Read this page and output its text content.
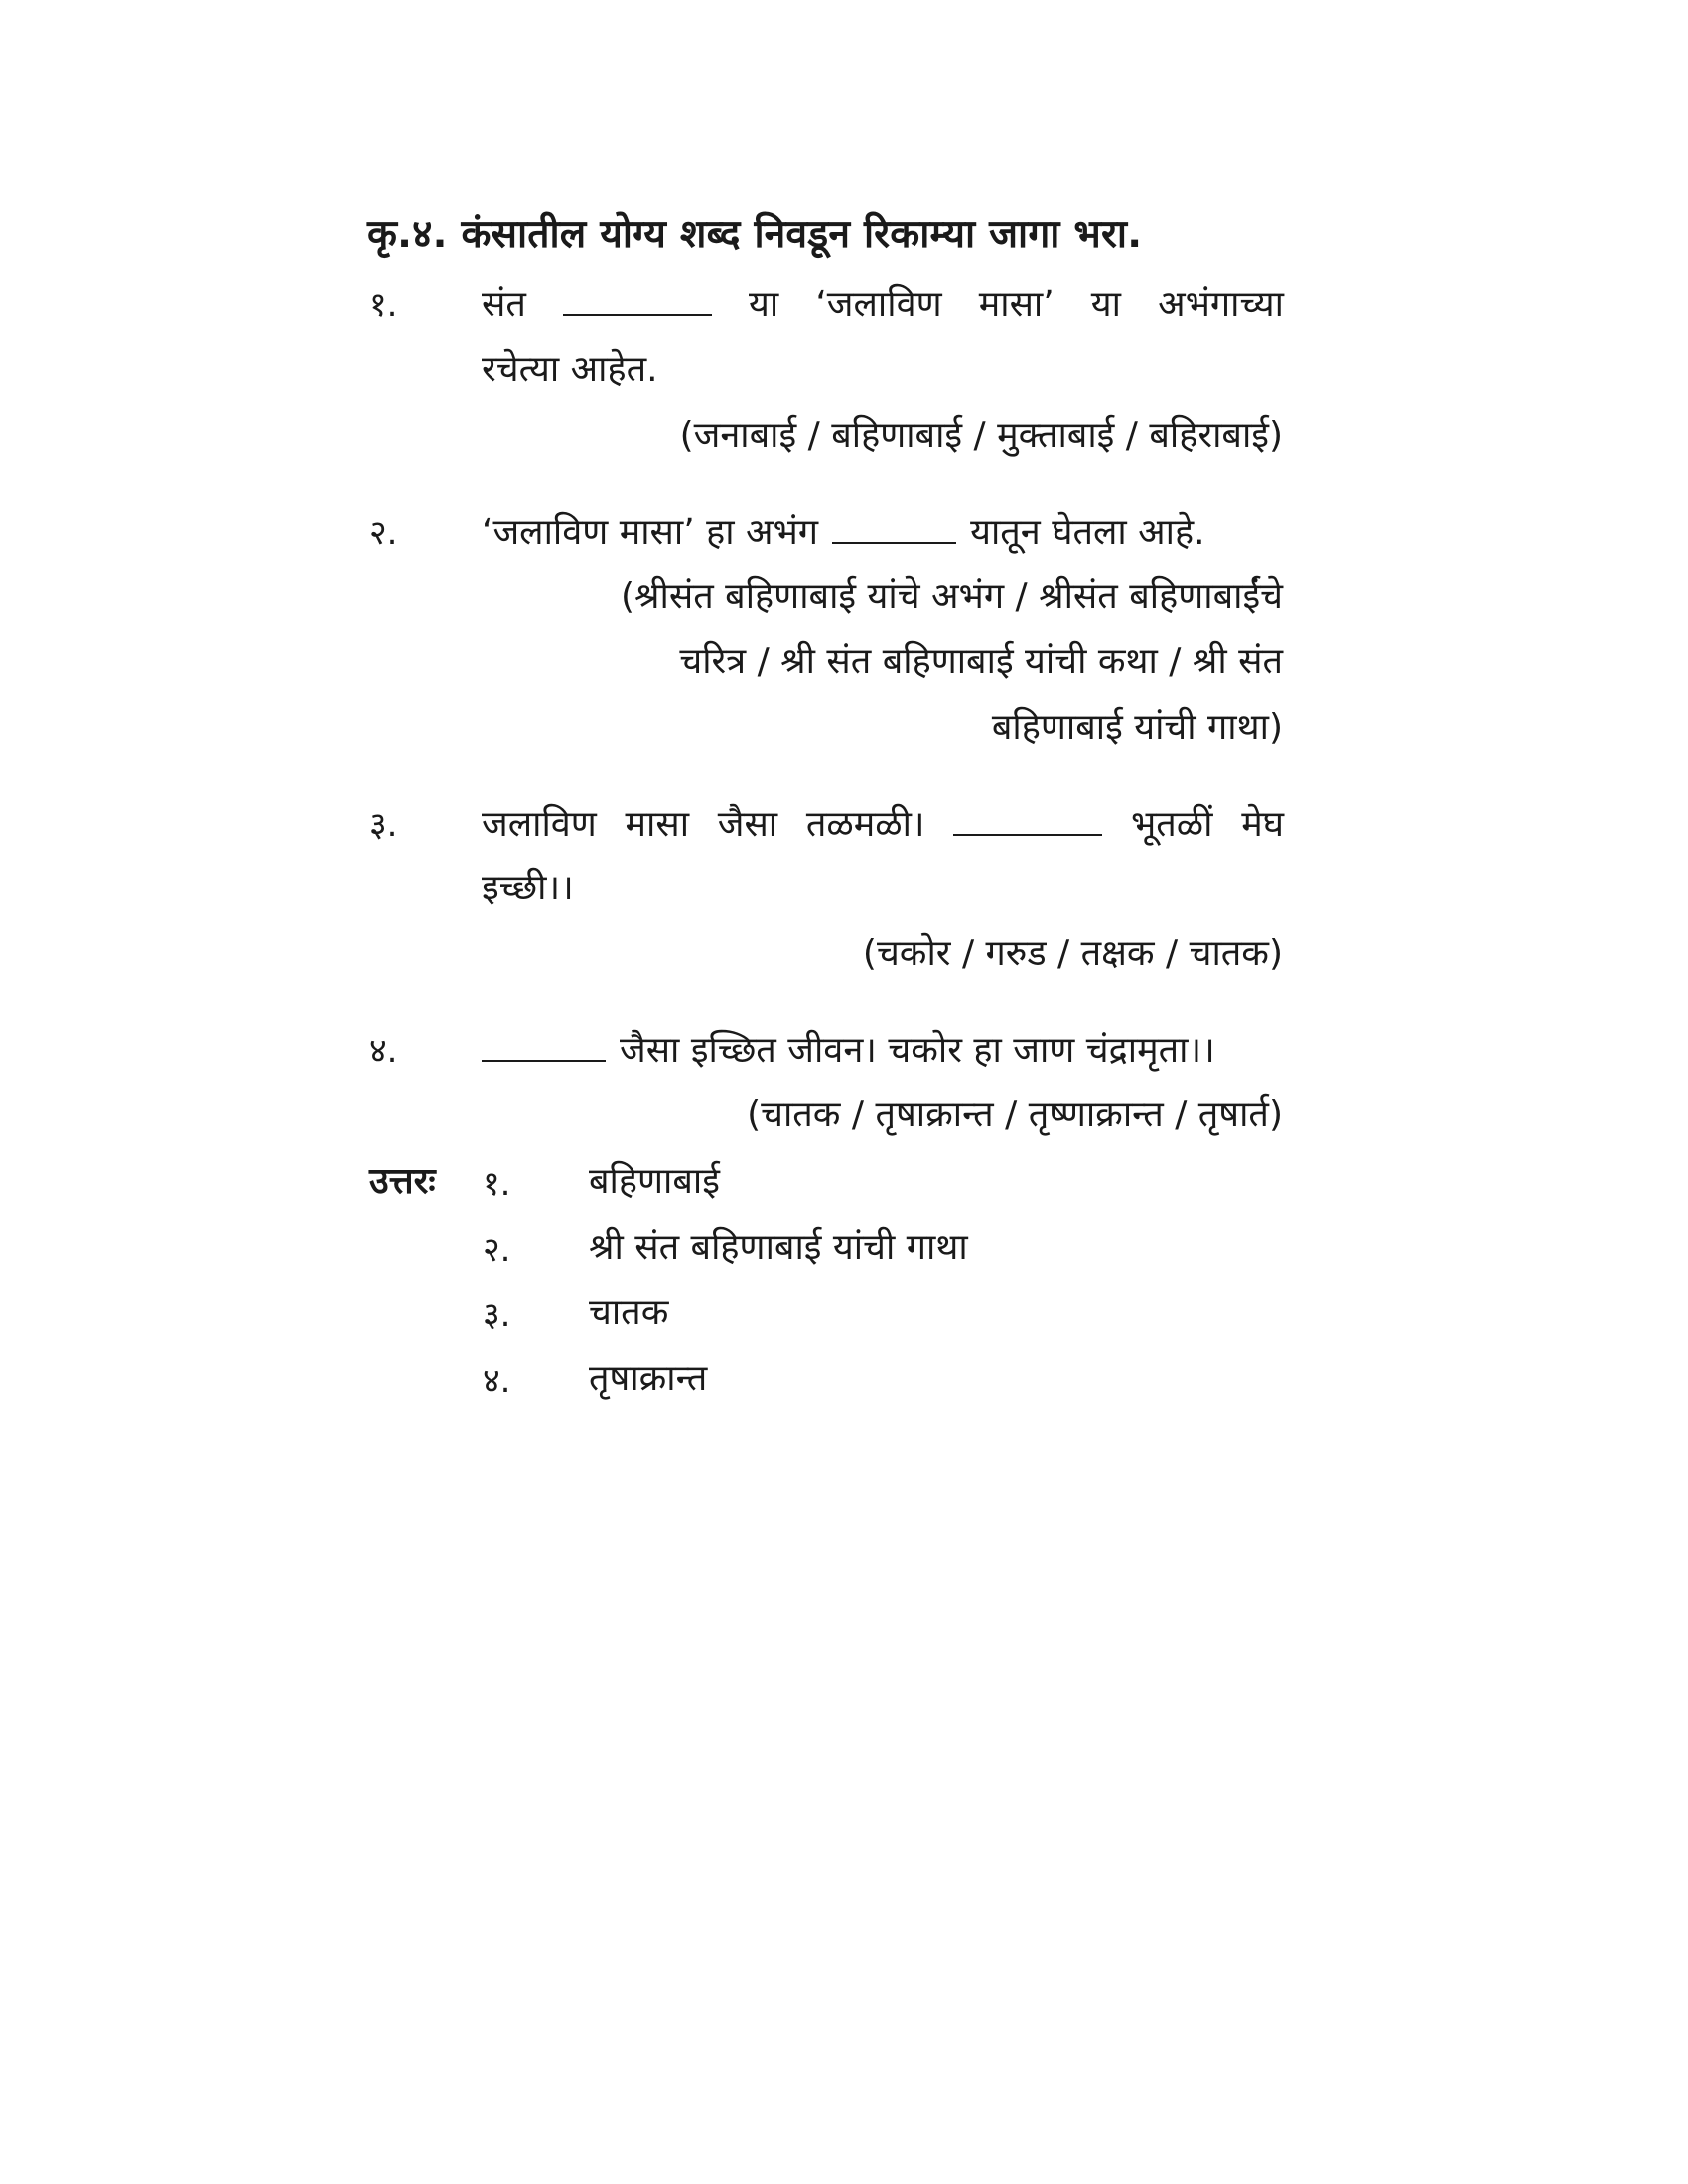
कृ.४. कंसातील योग्य शब्द निवडून रिकाम्या जागा भरा.
१. संत	या ‘जलाविण मासा’ या अभंगाच्या
रचेत्या आहेत.
(जनाबाई / बहिणाबाई / मुक्ताबाई / बहिराबाई)
२. ‘जलाविण मासा’ हा अभंग	यातून घेतला आहे.
(श्रीसंत बहिणाबाई यांचे अभंग / श्रीसंत बहिणाबाईंचे
चरित्र / श्री संत बहिणाबाई यांची कथा / श्री संत
बहिणाबाई यांची गाथा)
३. जलाविण मासा जैसा तळमळी।	भूतळीं मेघ
इच्छी।।
(चकोर / गरुड / तक्षक / चातक)
४.	जैसा इच्छित जीवन। चकोर हा जाण चंद्रामृता।।
(चातक / तृषाक्रान्त / तृष्णाक्रान्त / तृषार्त)
उत्तरः १. बहिणाबाई
२. श्री संत बहिणाबाई यांची गाथा
३. चातक
४. तृषाक्रान्त
